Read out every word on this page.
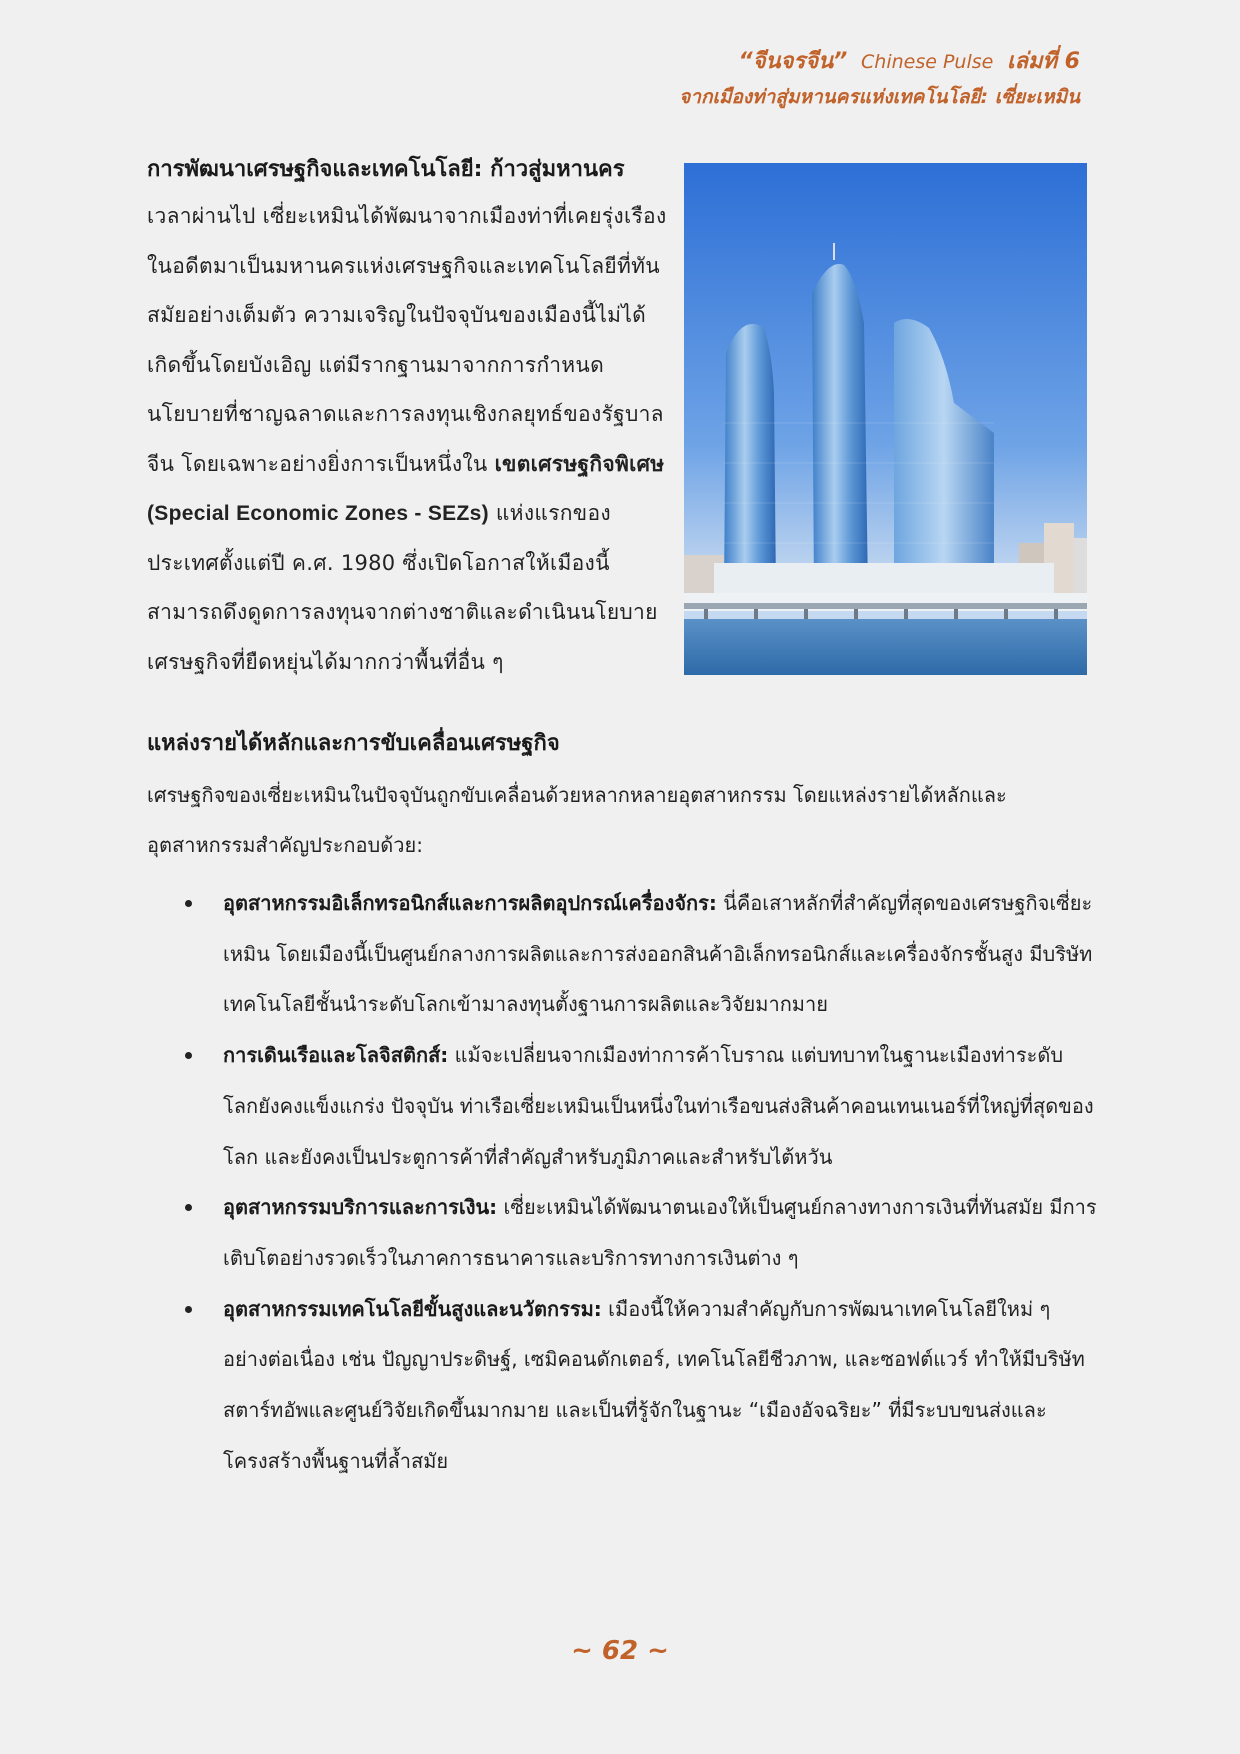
“จีนจรจีน” Chinese Pulse เล่มที่ 6
จากเมืองท่าสู่มหานครแห่งเทคโนโลยี: เซี่ยะเหมิน
การพัฒนาเศรษฐกิจและเทคโนโลยี: ก้าวสู่มหานคร
เวลาผ่านไป เซี่ยะเหมินได้พัฒนาจากเมืองท่าที่เคยรุ่งเรืองในอดีตมาเป็นมหานครแห่งเศรษฐกิจและเทคโนโลยีที่ทันสมัยอย่างเต็มตัว ความเจริญในปัจจุบันของเมืองนี้ไม่ได้เกิดขึ้นโดยบังเอิญ แต่มีรากฐานมาจากการกำหนดนโยบายที่ชาญฉลาดและการลงทุนเชิงกลยุทธ์ของรัฐบาลจีน โดยเฉพาะอย่างยิ่งการเป็นหนึ่งใน เขตเศรษฐกิจพิเศษ (Special Economic Zones - SEZs) แห่งแรกของประเทศตั้งแต่ปี ค.ศ. 1980 ซึ่งเปิดโอกาสให้เมืองนี้สามารถดึงดูดการลงทุนจากต่างชาติและดำเนินนโยบายเศรษฐกิจที่ยืดหยุ่นได้มากกว่าพื้นที่อื่น ๆ
แหล่งรายได้หลักและการขับเคลื่อนเศรษฐกิจ
เศรษฐกิจของเซี่ยะเหมินในปัจจุบันถูกขับเคลื่อนด้วยหลากหลายอุตสาหกรรม โดยแหล่งรายได้หลักและอุตสาหกรรมสำคัญประกอบด้วย:
อุตสาหกรรมอิเล็กทรอนิกส์และการผลิตอุปกรณ์เครื่องจักร: นี่คือเสาหลักที่สำคัญที่สุดของเศรษฐกิจเซี่ยะเหมิน โดยเมืองนี้เป็นศูนย์กลางการผลิตและการส่งออกสินค้าอิเล็กทรอนิกส์และเครื่องจักรชั้นสูง มีบริษัทเทคโนโลยีชั้นนำระดับโลกเข้ามาลงทุนตั้งฐานการผลิตและวิจัยมากมาย
การเดินเรือและโลจิสติกส์: แม้จะเปลี่ยนจากเมืองท่าการค้าโบราณ แต่บทบาทในฐานะเมืองท่าระดับโลกยังคงแข็งแกร่ง ปัจจุบัน ท่าเรือเซี่ยะเหมินเป็นหนึ่งในท่าเรือขนส่งสินค้าคอนเทนเนอร์ที่ใหญ่ที่สุดของโลก และยังคงเป็นประตูการค้าที่สำคัญสำหรับภูมิภาคและสำหรับไต้หวัน
อุตสาหกรรมบริการและการเงิน: เซี่ยะเหมินได้พัฒนาตนเองให้เป็นศูนย์กลางทางการเงินที่ทันสมัย มีการเติบโตอย่างรวดเร็วในภาคการธนาคารและบริการทางการเงินต่าง ๆ
อุตสาหกรรมเทคโนโลยีขั้นสูงและนวัตกรรม: เมืองนี้ให้ความสำคัญกับการพัฒนาเทคโนโลยีใหม่ ๆ อย่างต่อเนื่อง เช่น ปัญญาประดิษฐ์, เซมิคอนดักเตอร์, เทคโนโลยีชีวภาพ, และซอฟต์แวร์ ทำให้มีบริษัทสตาร์ทอัพและศูนย์วิจัยเกิดขึ้นมากมาย และเป็นที่รู้จักในฐานะ “เมืองอัจฉริยะ” ที่มีระบบขนส่งและโครงสร้างพื้นฐานที่ล้ำสมัย
~ 62 ~
